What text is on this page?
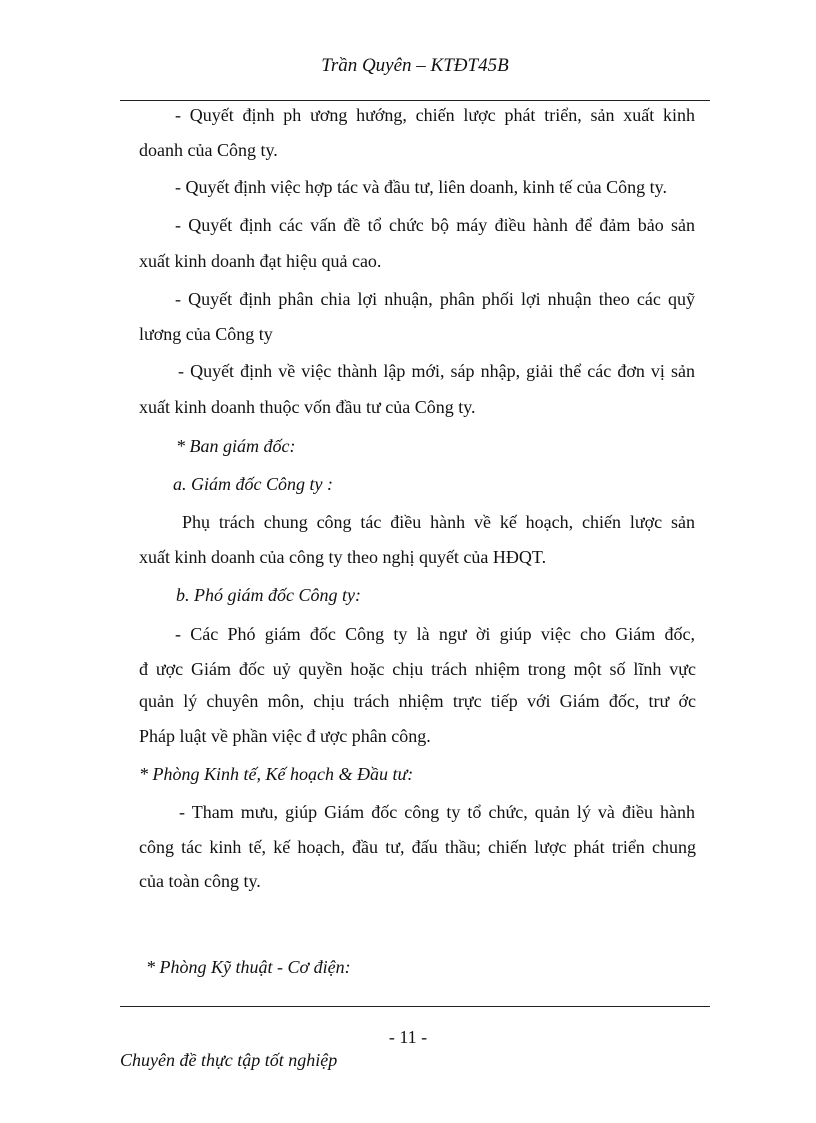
Trần Quyên – KTĐT45B
- Quyết định ph ương hướng, chiến lược phát triển, sản xuất kinh
doanh của Công ty.
- Quyết định việc hợp tác và đầu tư, liên doanh, kinh tế của Công ty.
- Quyết định các vấn đề tổ chức bộ máy điều hành để đảm bảo sản
xuất kinh doanh đạt hiệu quả cao.
- Quyết định phân chia lợi nhuận, phân phối lợi nhuận theo các quỹ
lương của Công ty
- Quyết định về việc thành lập mới, sáp nhập, giải thể các đơn vị sản
xuất kinh doanh thuộc vốn đầu tư của Công ty.
* Ban giám đốc:
a. Giám đốc Công ty :
Phụ trách chung công tác điều hành về kế hoạch, chiến lược sản
xuất kinh doanh của công ty theo nghị quyết của HĐQT.
b. Phó giám đốc Công ty:
- Các Phó giám đốc Công ty là ngư ời giúp việc cho Giám đốc,
đ ược Giám đốc uỷ quyền hoặc chịu trách nhiệm trong một số lĩnh vực
quản lý chuyên môn, chịu trách nhiệm trực tiếp với Giám đốc, trư ớc
Pháp luật về phần việc đ ược phân công.
* Phòng Kinh tế, Kế hoạch & Đầu tư:
- Tham mưu, giúp Giám đốc công ty tổ chức, quản lý và điều hành
công tác kinh tế, kế hoạch, đầu tư, đấu thầu; chiến lược phát triển chung
của toàn công ty.
* Phòng Kỹ thuật - Cơ điện:
- 11 -
Chuyên đề thực tập tốt nghiệp
